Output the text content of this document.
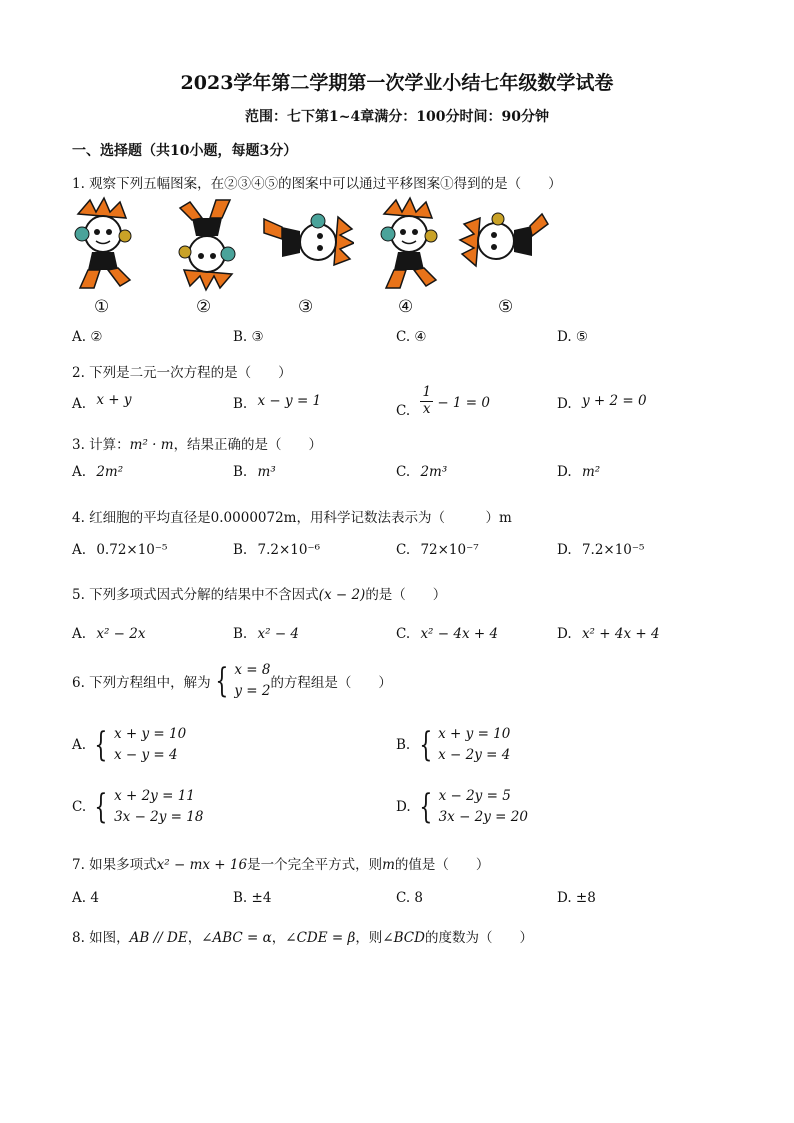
2023学年第二学期第一次学业小结七年级数学试卷
范围：七下第1~4章满分：100分时间：90分钟
一、选择题（共10小题，每题3分）
1. 观察下列五幅图案，在②③④⑤的图案中可以通过平移图案①得到的是（　　）
①	②	③	④	⑤
A. ②	B. ③	C. ④	D. ⑤
2. 下列是二元一次方程的是（　　）
A. x + y	B. x − y = 1
C. $\frac{1}{x} - 1 = 0$	D. y + 2 = 0
3. 计算：m² · m，结果正确的是（　　）
A. 2m²	B. m³	C. 2m³	D. m²
4. 红细胞的平均直径是0.0000072m，用科学记数法表示为（　　　）m
A. 0.72×10⁻⁵	B. 7.2×10⁻⁶	C. 72×10⁻⁷	D. 7.2×10⁻⁵
5. 下列多项式因式分解的结果中不含因式(x − 2)的是（　　）
A. x² − 2x	B. x² − 4	C. x² − 4x + 4	D. x² + 4x + 4
6. 下列方程组中，解为 { x = 8
y = 2 的方程组是（　　）
A. { x + y = 10
x − y = 4
B. { x + y = 10
x − 2y = 4
C. { x + 2y = 11
3x − 2y = 18
D. { x − 2y = 5
3x − 2y = 20
7. 如果多项式x² − mx + 16是一个完全平方式，则m的值是（　　）
A. 4	B. ±4	C. 8	D. ±8
8. 如图，AB // DE，∠ABC = α，∠CDE = β，则∠BCD的度数为（　　）
